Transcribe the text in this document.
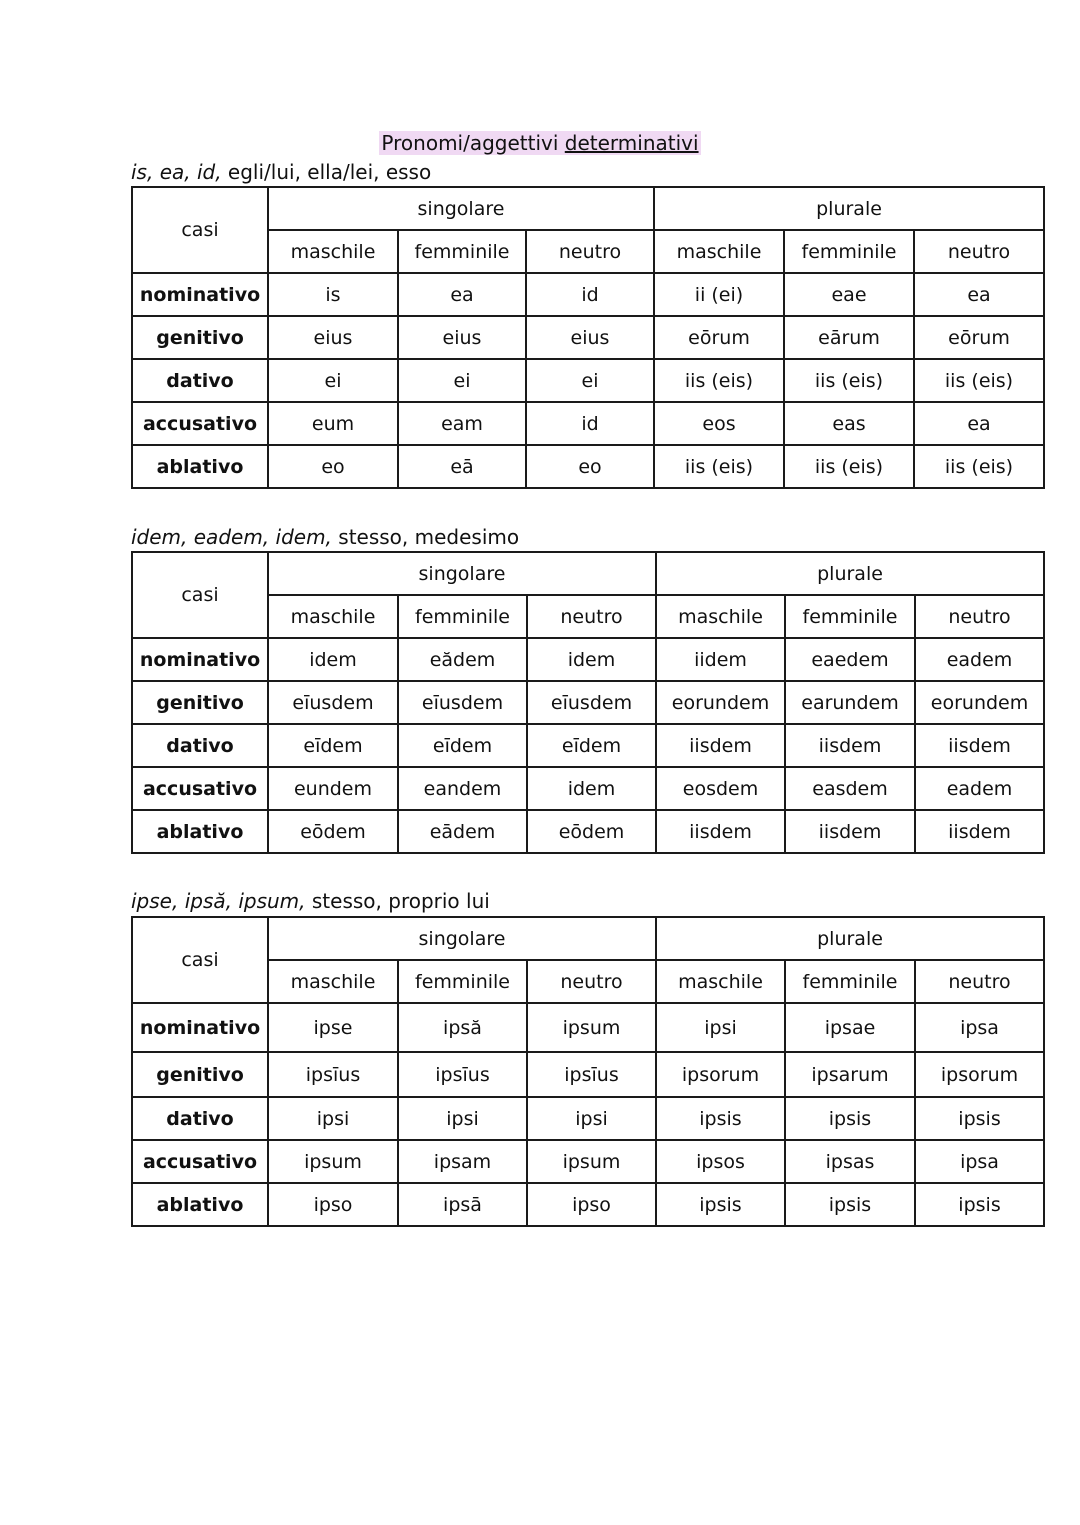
Pronomi/aggettivi determinativi
is, ea, id, egli/lui, ella/lei, esso
casi	singolare			plurale		
	maschile	femminile	neutro	maschile	femminile	neutro
nominativo	is	ea	id	ii (ei)	eae	ea
genitivo	eius	eius	eius	eōrum	eārum	eōrum
dativo	ei	ei	ei	iis (eis)	iis (eis)	iis (eis)
accusativo	eum	eam	id	eos	eas	ea
ablativo	eo	eā	eo	iis (eis)	iis (eis)	iis (eis)
idem, eadem, idem, stesso, medesimo
casi	singolare			plurale		
	maschile	femminile	neutro	maschile	femminile	neutro
nominativo	idem	eădem	idem	iidem	eaedem	eadem
genitivo	eīusdem	eīusdem	eīusdem	eorundem	earundem	eorundem
dativo	eīdem	eīdem	eīdem	iisdem	iisdem	iisdem
accusativo	eundem	eandem	idem	eosdem	easdem	eadem
ablativo	eōdem	eādem	eōdem	iisdem	iisdem	iisdem
ipse, ipsă, ipsum, stesso, proprio lui
casi	singolare			plurale		
	maschile	femminile	neutro	maschile	femminile	neutro
nominativo	ipse	ipsă	ipsum	ipsi	ipsae	ipsa
genitivo	ipsīus	ipsīus	ipsīus	ipsorum	ipsarum	ipsorum
dativo	ipsi	ipsi	ipsi	ipsis	ipsis	ipsis
accusativo	ipsum	ipsam	ipsum	ipsos	ipsas	ipsa
ablativo	ipso	ipsā	ipso	ipsis	ipsis	ipsis
